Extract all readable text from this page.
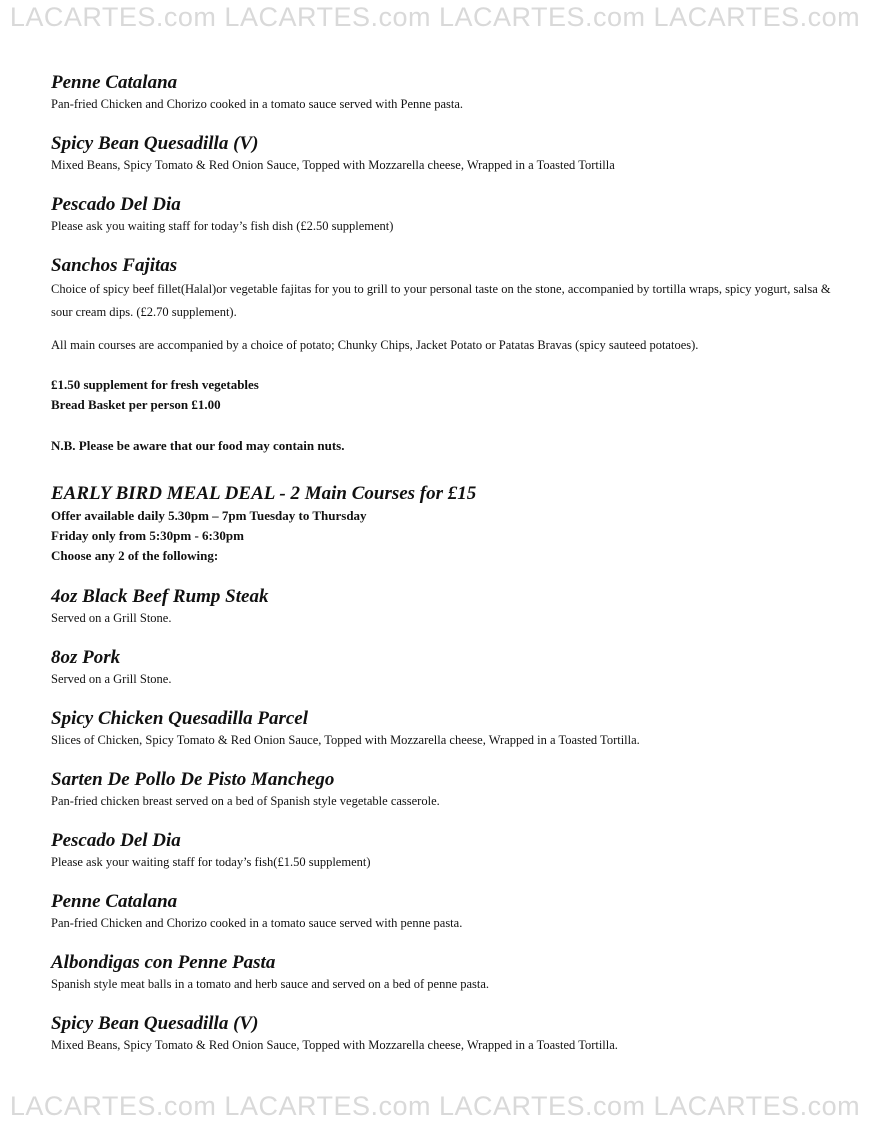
LACARTES.com LACARTES.com LACARTES.com LACARTES.com

Penne Catalana

Pan-fried Chicken and Chorizo cooked in a tomato sauce served with Penne pasta.

Spicy Bean Quesadilla (V)

Mixed Beans, Spicy Tomato & Red Onion Sauce, Topped with Mozzarella cheese, Wrapped in a Toasted Tortilla

Pescado Del Dia

Please ask you waiting staff for today’s fish dish (£2.50 supplement)

Sanchos Fajitas

Choice of spicy beef fillet(Halal)or vegetable fajitas for you to grill to your personal taste on the stone, accompanied by tortilla wraps, spicy yogurt, salsa & sour cream dips. (£2.70 supplement).

All main courses are accompanied by a choice of potato; Chunky Chips, Jacket Potato or Patatas Bravas (spicy sauteed potatoes).

£1.50 supplement for fresh vegetables

Bread Basket per person £1.00

N.B. Please be aware that our food may contain nuts.

EARLY BIRD MEAL DEAL - 2 Main Courses for £15

Offer available daily 5.30pm – 7pm Tuesday to Thursday

Friday only from 5:30pm - 6:30pm

Choose any 2 of the following:

4oz Black Beef Rump Steak

Served on a Grill Stone.

8oz Pork

Served on a Grill Stone.

Spicy Chicken Quesadilla Parcel

Slices of Chicken, Spicy Tomato & Red Onion Sauce, Topped with Mozzarella cheese, Wrapped in a Toasted Tortilla.

Sarten De Pollo De Pisto Manchego

Pan-fried chicken breast served on a bed of Spanish style vegetable casserole.

Pescado Del Dia

Please ask your waiting staff for today’s fish(£1.50 supplement)

Penne Catalana

Pan-fried Chicken and Chorizo cooked in a tomato sauce served with penne pasta.

Albondigas con Penne Pasta

Spanish style meat balls in a tomato and herb sauce and served on a bed of penne pasta.

Spicy Bean Quesadilla (V)

Mixed Beans, Spicy Tomato & Red Onion Sauce, Topped with Mozzarella cheese, Wrapped in a Toasted Tortilla.

LACARTES.com LACARTES.com LACARTES.com LACARTES.com
